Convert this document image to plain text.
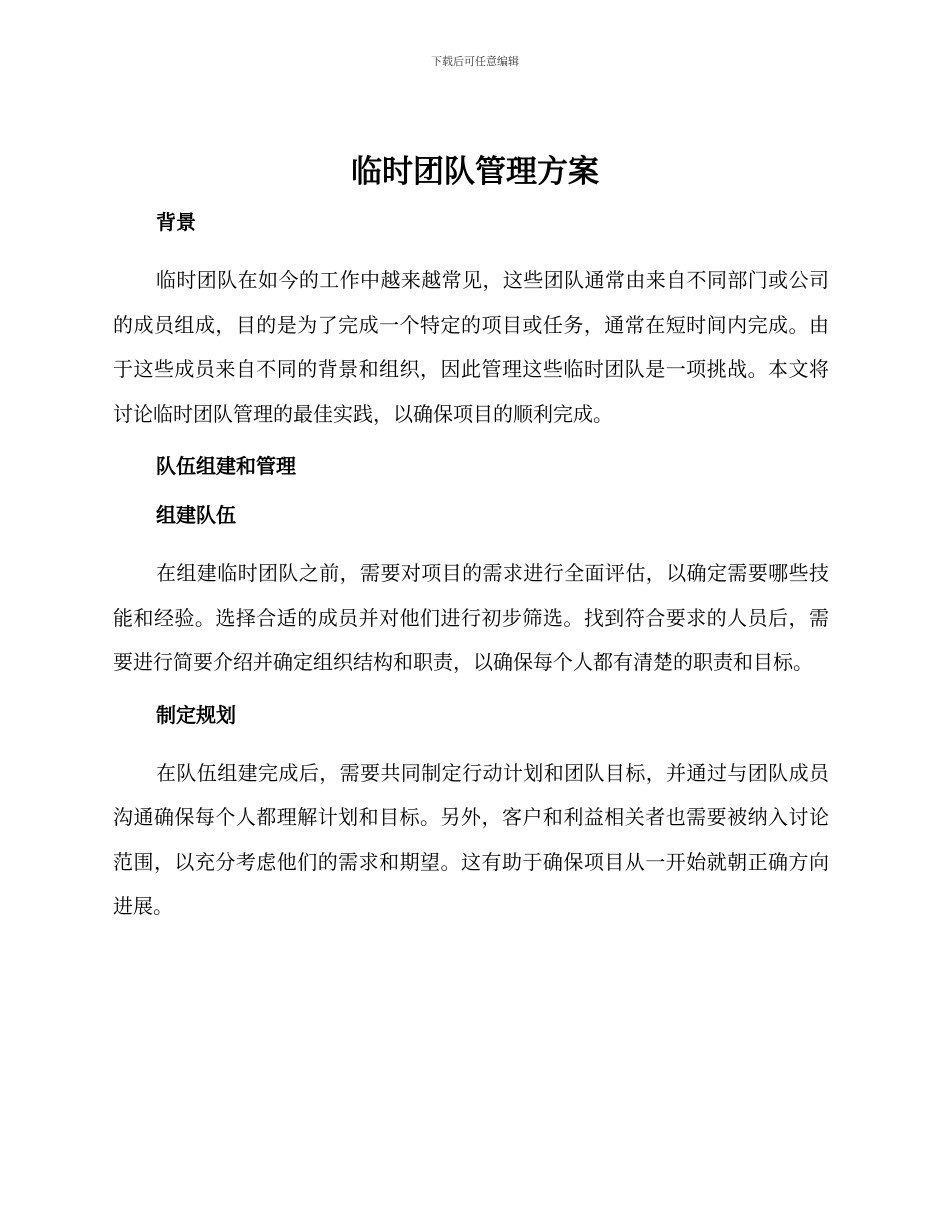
下载后可任意编辑
临时团队管理方案
背景

临时团队在如今的工作中越来越常见，这些团队通常由来自不同部门或公司的成员组成，目的是为了完成一个特定的项目或任务，通常在短时间内完成。由于这些成员来自不同的背景和组织，因此管理这些临时团队是一项挑战。本文将讨论临时团队管理的最佳实践，以确保项目的顺利完成。

队伍组建和管理
组建队伍

在组建临时团队之前，需要对项目的需求进行全面评估，以确定需要哪些技能和经验。选择合适的成员并对他们进行初步筛选。找到符合要求的人员后，需要进行简要介绍并确定组织结构和职责，以确保每个人都有清楚的职责和目标。

制定规划

在队伍组建完成后，需要共同制定行动计划和团队目标，并通过与团队成员沟通确保每个人都理解计划和目标。另外，客户和利益相关者也需要被纳入讨论范围，以充分考虑他们的需求和期望。这有助于确保项目从一开始就朝正确方向进展。
